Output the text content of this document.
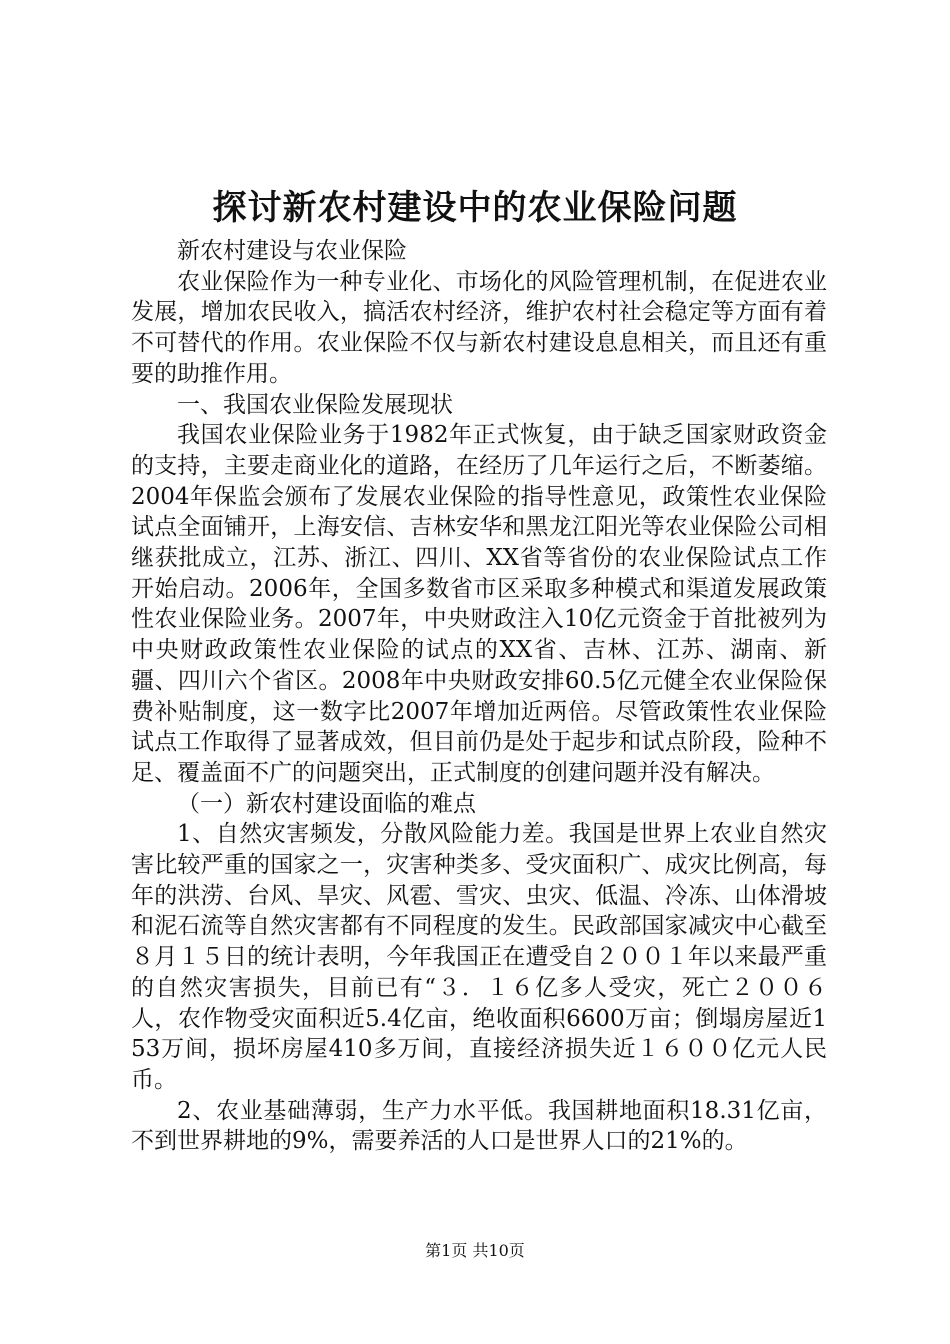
探讨新农村建设中的农业保险问题

新农村建设与农业保险

农业保险作为一种专业化、市场化的风险管理机制，在促进农业发展，增加农民收入，搞活农村经济，维护农村社会稳定等方面有着不可替代的作用。农业保险不仅与新农村建设息息相关，而且还有重要的助推作用。

一、我国农业保险发展现状

我国农业保险业务于1982年正式恢复，由于缺乏国家财政资金的支持，主要走商业化的道路，在经历了几年运行之后，不断萎缩。2004年保监会颁布了发展农业保险的指导性意见，政策性农业保险试点全面铺开，上海安信、吉林安华和黑龙江阳光等农业保险公司相继获批成立，江苏、浙江、四川、XX省等省份的农业保险试点工作开始启动。2006年，全国多数省市区采取多种模式和渠道发展政策性农业保险业务。2007年，中央财政注入10亿元资金于首批被列为中央财政政策性农业保险的试点的XX省、吉林、江苏、湖南、新疆、四川六个省区。2008年中央财政安排60.5亿元健全农业保险保费补贴制度，这一数字比2007年增加近两倍。尽管政策性农业保险试点工作取得了显著成效，但目前仍是处于起步和试点阶段，险种不足、覆盖面不广的问题突出，正式制度的创建问题并没有解决。

（一）新农村建设面临的难点

1、自然灾害频发，分散风险能力差。我国是世界上农业自然灾害比较严重的国家之一，灾害种类多、受灾面积广、成灾比例高，每年的洪涝、台风、旱灾、风雹、雪灾、虫灾、低温、冷冻、山体滑坡和泥石流等自然灾害都有不同程度的发生。民政部国家减灾中心截至８月１５日的统计表明，今年我国正在遭受自２００１年以来最严重的自然灾害损失，目前已有“３．１６亿多人受灾，死亡２００６人，农作物受灾面积近5.4亿亩，绝收面积6600万亩；倒塌房屋近153万间，损坏房屋410多万间，直接经济损失近１６００亿元人民币。

2、农业基础薄弱，生产力水平低。我国耕地面积18.31亿亩，不到世界耕地的9%，需要养活的人口是世界人口的21%的。

第1页 共10页
